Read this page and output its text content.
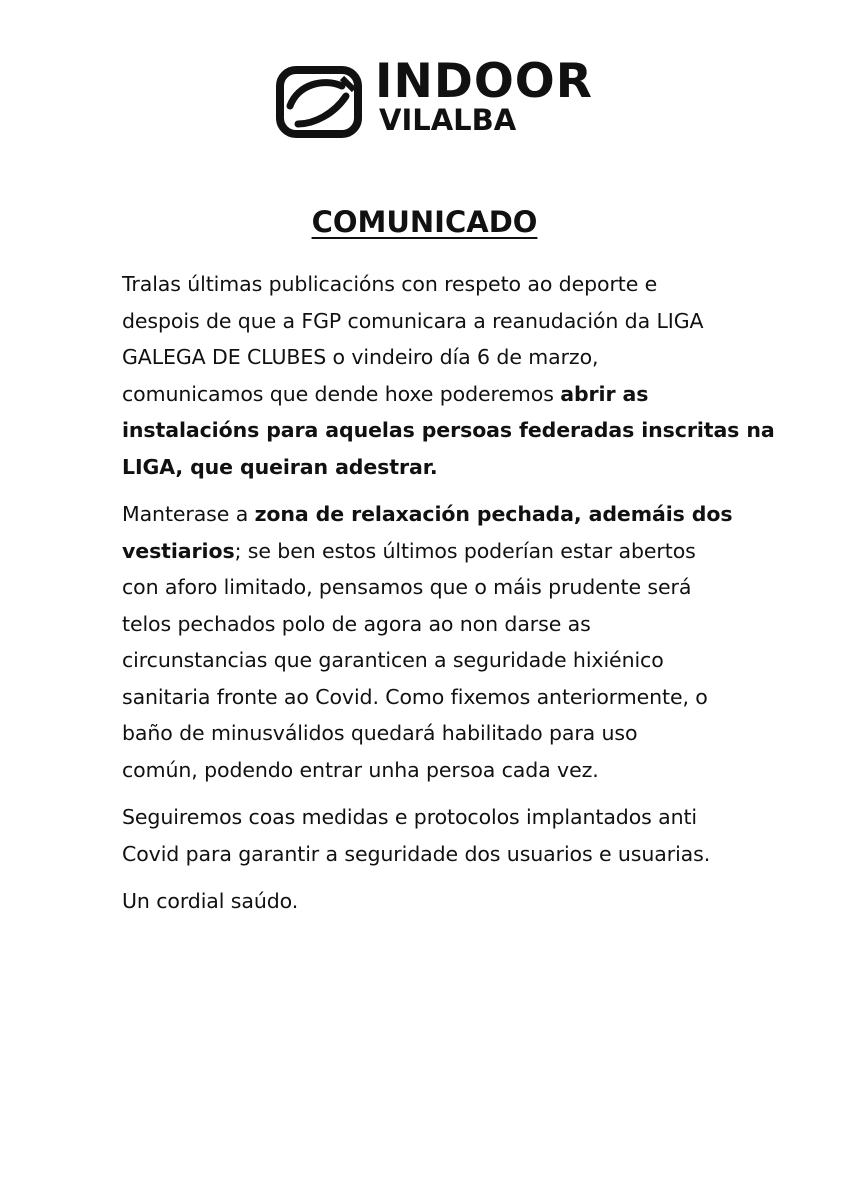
INDOOR
VILALBA
COMUNICADO

Tralas últimas publicacións con respeto ao deporte e
despois de que a FGP comunicara a reanudación da LIGA
GALEGA DE CLUBES o vindeiro día 6 de marzo,
comunicamos que dende hoxe poderemos abrir as
instalacións para aquelas persoas federadas inscritas na
LIGA, que queiran adestrar.

Manterase a zona de relaxación pechada, ademáis dos
vestiarios; se ben estos últimos poderían estar abertos
con aforo limitado, pensamos que o máis prudente será
telos pechados polo de agora ao non darse as
circunstancias que garanticen a seguridade hixiénico
sanitaria fronte ao Covid. Como fixemos anteriormente, o
baño de minusválidos quedará habilitado para uso
común, podendo entrar unha persoa cada vez.

Seguiremos coas medidas e protocolos implantados anti
Covid para garantir a seguridade dos usuarios e usuarias.

Un cordial saúdo.
